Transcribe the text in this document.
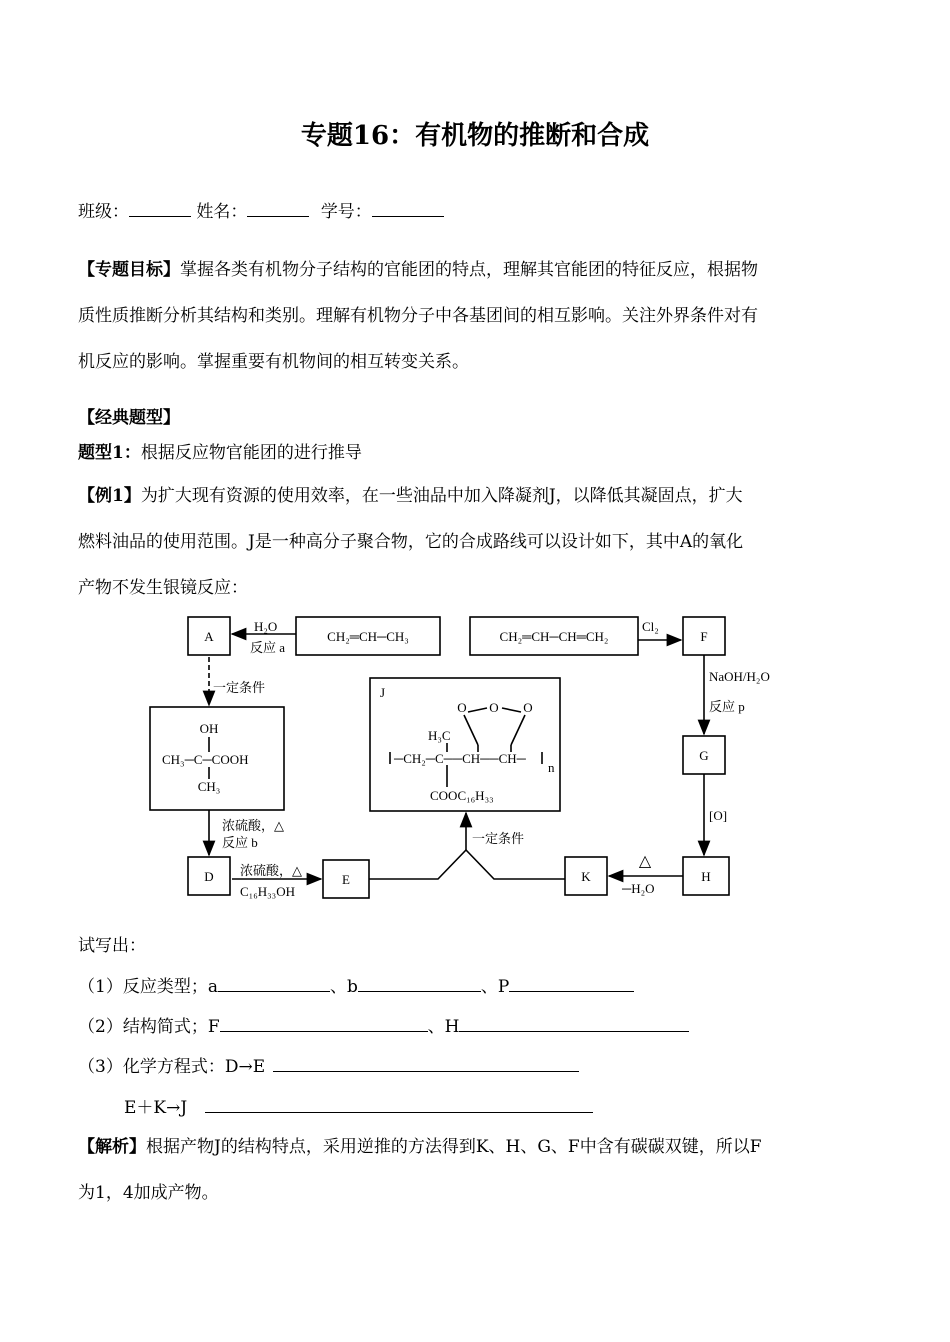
专题16：有机物的推断和合成
班级：	姓名：	学号：
【专题目标】掌握各类有机物分子结构的官能团的特点，理解其官能团的特征反应，根据物
质性质推断分析其结构和类别。理解有机物分子中各基团间的相互影响。关注外界条件对有
机反应的影响。掌握重要有机物间的相互转变关系。
【经典题型】
题型1：根据反应物官能团的进行推导
【例1】为扩大现有资源的使用效率，在一些油品中加入降凝剂J，以降低其凝固点，扩大
燃料油品的使用范围。J是一种高分子聚合物，它的合成路线可以设计如下，其中A的氧化
产物不发生银镜反应：
A	CH₂═CH─CH₃	CH₂═CH─CH═CH₂	F
H₂O
反应 a
Cl₂
NaOH/H₂O
反应 p
一定条件
G
[O]
OH
CH₃─C─COOH
CH₃
J
O O O
H₃C
─CH₂─C──CH──CH─
n
COOC₁₆H₃₃
浓硫酸，△
反应 b	一定条件
D 浓硫酸，△
C₁₆H₃₃OH
E	K	H
△
─H₂O
试写出：
（1）反应类型；a	、b	、P
（2）结构简式；F	、H
（3）化学方程式：D→E
E＋K→J
【解析】根据产物J的结构特点，采用逆推的方法得到K、H、G、F中含有碳碳双键，所以F
为1，4加成产物。
